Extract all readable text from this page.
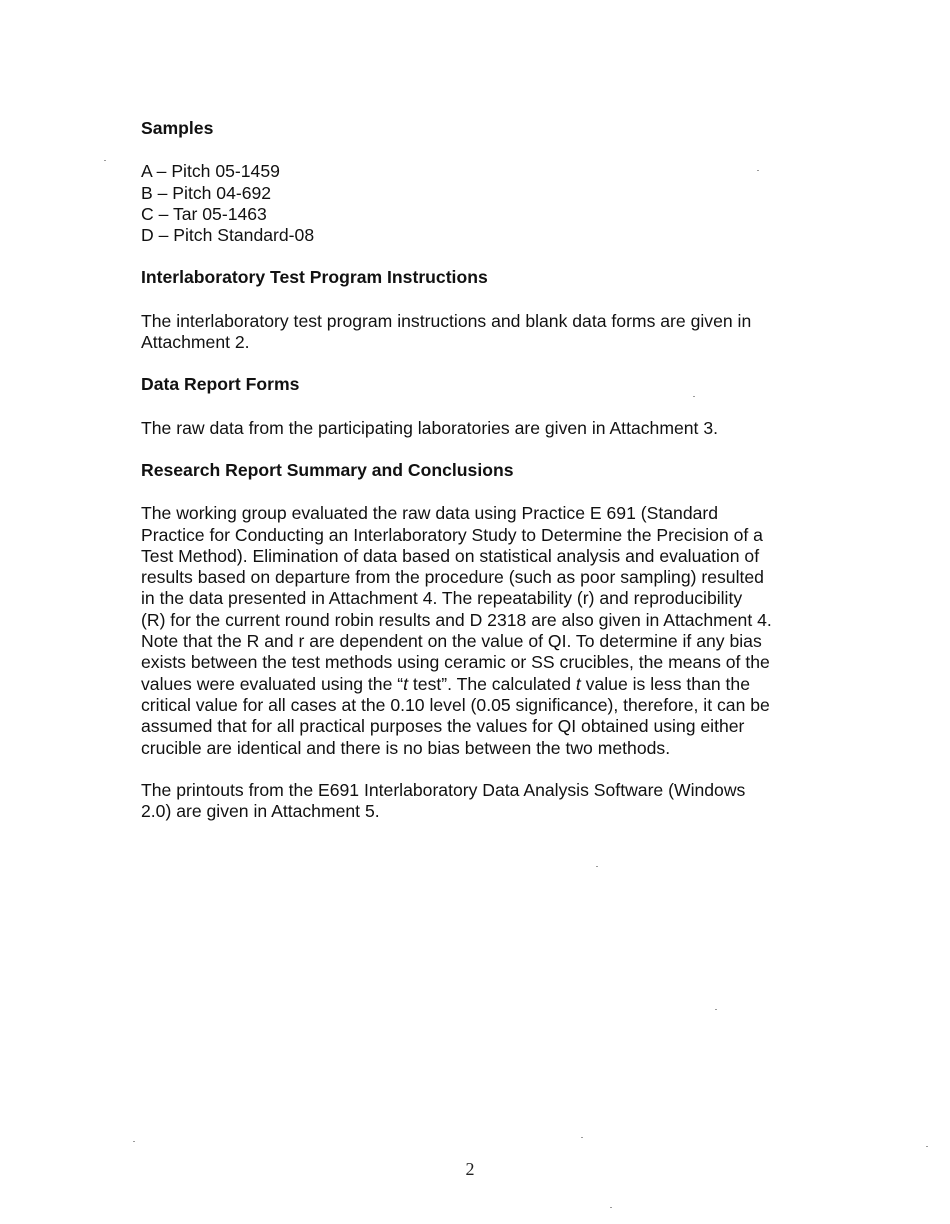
Samples

A – Pitch 05-1459
B – Pitch 04-692
C – Tar 05-1463
D – Pitch Standard-08

Interlaboratory Test Program Instructions

The interlaboratory test program instructions and blank data forms are given in
Attachment 2.

Data Report Forms

The raw data from the participating laboratories are given in Attachment 3.

Research Report Summary and Conclusions

The working group evaluated the raw data using Practice E 691 (Standard
Practice for Conducting an Interlaboratory Study to Determine the Precision of a
Test Method). Elimination of data based on statistical analysis and evaluation of
results based on departure from the procedure (such as poor sampling) resulted
in the data presented in Attachment 4. The repeatability (r) and reproducibility
(R) for the current round robin results and D 2318 are also given in Attachment 4.
Note that the R and r are dependent on the value of QI. To determine if any bias
exists between the test methods using ceramic or SS crucibles, the means of the
values were evaluated using the “t test”. The calculated t value is less than the
critical value for all cases at the 0.10 level (0.05 significance), therefore, it can be
assumed that for all practical purposes the values for QI obtained using either
crucible are identical and there is no bias between the two methods.
The printouts from the E691 Interlaboratory Data Analysis Software (Windows
2.0) are given in Attachment 5.
2
